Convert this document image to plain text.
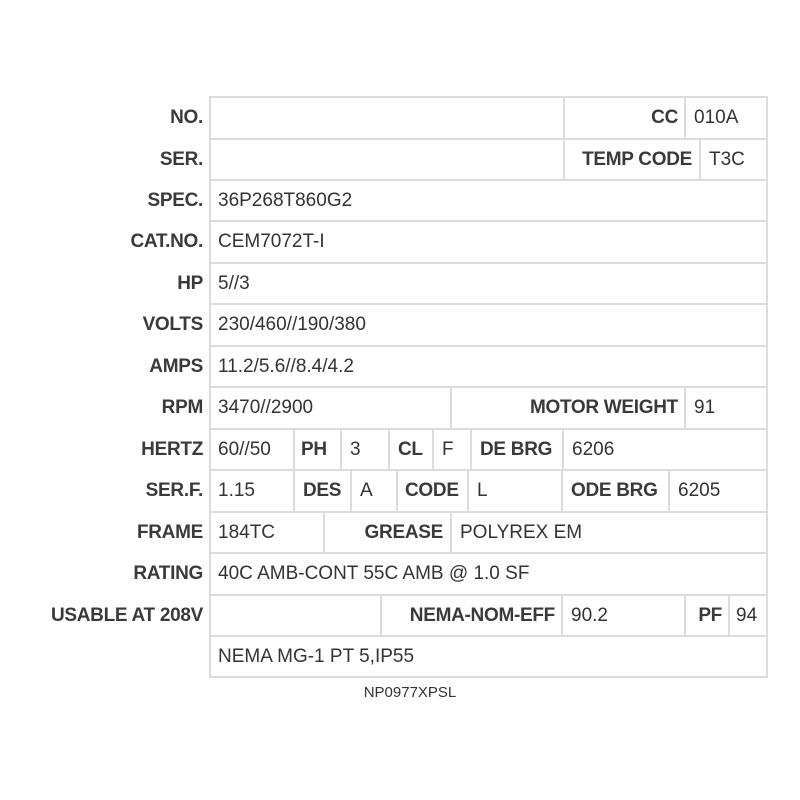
NO.	CC 010A
SER.	TEMP CODE T3C
SPEC. 36P268T860G2
CAT.NO. CEM7072T-I
HP 5//3
VOLTS 230/460//190/380
AMPS 11.2/5.6//8.4/4.2
RPM 3470//2900	MOTOR WEIGHT 91
HERTZ 60//50	PH	3	CL	F	DE BRG	6206
SER.F. 1.15	DES A	CODE L	ODE BRG	6205
FRAME 184TC	GREASE POLYREX EM
RATING 40C AMB-CONT 55C AMB @ 1.0 SF
USABLE AT 208V	NEMA-NOM-EFF 90.2	PF 94
NEMA MG-1 PT 5,IP55
NP0977XPSL
